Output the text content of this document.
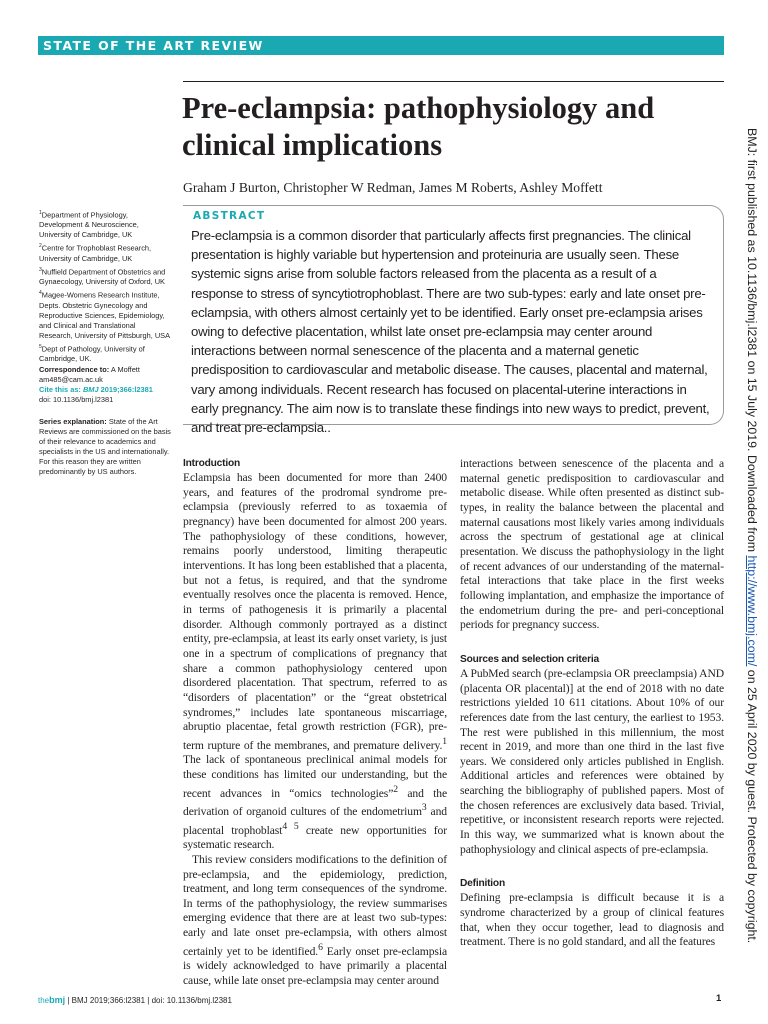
STATE OF THE ART REVIEW
Pre-eclampsia: pathophysiology and clinical implications
Graham J Burton, Christopher W Redman, James M Roberts, Ashley Moffett
$^1$Department of Physiology, Development & Neuroscience, University of Cambridge, UK
$^2$Centre for Trophoblast Research, University of Cambridge, UK
$^3$Nuffield Department of Obstetrics and Gynaecology, University of Oxford, UK
$^4$Magee-Womens Research Institute, Depts. Obstetric Gynecology and Reproductive Sciences, Epidemiology, and Clinical and Translational Research, University of Pittsburgh, USA
$^5$Dept of Pathology, University of Cambridge, UK.
Correspondence to: A Moffett
am485@cam.ac.uk
Cite this as: BMJ 2019;366:l2381
doi: 10.1136/bmj.l2381
Series explanation: State of the Art Reviews are commissioned on the basis of their relevance to academics and specialists in the US and internationally. For this reason they are written predominantly by US authors.
ABSTRACT
Pre-eclampsia is a common disorder that particularly affects first pregnancies. The clinical presentation is highly variable but hypertension and proteinuria are usually seen. These systemic signs arise from soluble factors released from the placenta as a result of a response to stress of syncytiotrophoblast. There are two sub-types: early and late onset pre-eclampsia, with others almost certainly yet to be identified. Early onset pre-eclampsia arises owing to defective placentation, whilst late onset pre-eclampsia may center around interactions between normal senescence of the placenta and a maternal genetic predisposition to cardiovascular and metabolic disease. The causes, placental and maternal, vary among individuals. Recent research has focused on placental-uterine interactions in early pregnancy. The aim now is to translate these findings into new ways to predict, prevent, and treat pre-eclampsia..
Introduction

Eclampsia has been documented for more than 2400 years, and features of the prodromal syndrome pre-eclampsia (previously referred to as toxaemia of pregnancy) have been documented for almost 200 years. The pathophysiology of these conditions, however, remains poorly understood, limiting therapeutic interventions. It has long been established that a placenta, but not a fetus, is required, and that the syndrome eventually resolves once the placenta is removed. Hence, in terms of pathogenesis it is primarily a placental disorder. Although commonly portrayed as a distinct entity, pre-eclampsia, at least its early onset variety, is just one in a spectrum of complications of pregnancy that share a common pathophysiology centered upon disordered placentation. That spectrum, referred to as “disorders of placentation” or the “great obstetrical syndromes,” includes late spontaneous miscarriage, abruptio placentae, fetal growth restriction (FGR), pre-term rupture of the membranes, and premature delivery.$^1$ The lack of spontaneous preclinical animal models for these conditions has limited our understanding, but the recent advances in “omics technologies”$^2$ and the derivation of organoid cultures of the endometrium$^3$ and placental trophoblast$^{4 5}$ create new opportunities for systematic research.

This review considers modifications to the definition of pre-eclampsia, and the epidemiology, prediction, treatment, and long term consequences of the syndrome. In terms of the pathophysiology, the review summarises emerging evidence that there are at least two sub-types: early and late onset pre-eclampsia, with others almost certainly yet to be identified.$^6$ Early onset pre-eclampsia is widely acknowledged to have primarily a placental cause, while late onset pre-eclampsia may center around

interactions between senescence of the placenta and a maternal genetic predisposition to cardiovascular and metabolic disease. While often presented as distinct sub-types, in reality the balance between the placental and maternal causations most likely varies among individuals across the spectrum of gestational age at clinical presentation. We discuss the pathophysiology in the light of recent advances of our understanding of the maternal-fetal interactions that take place in the first weeks following implantation, and emphasize the importance of the endometrium during the pre- and peri-conceptional periods for pregnancy success.

Sources and selection criteria

A PubMed search (pre-eclampsia OR preeclampsia) AND (placenta OR placental)] at the end of 2018 with no date restrictions yielded 10 611 citations. About 10% of our references date from the last century, the earliest to 1953. The rest were published in this millennium, the most recent in 2019, and more than one third in the last five years. We considered only articles published in English. Additional articles and references were obtained by searching the bibliography of published papers. Most of the chosen references are exclusively data based. Trivial, repetitive, or inconsistent research reports were rejected. In this way, we summarized what is known about the pathophysiology and clinical aspects of pre-eclampsia.

Definition

Defining pre-eclampsia is difficult because it is a syndrome characterized by a group of clinical features that, when they occur together, lead to diagnosis and treatment. There is no gold standard, and all the features

BMJ: first published as 10.1136/bmj.l2381 on 15 July 2019. Downloaded from http://www.bmj.com/ on 25 April 2020 by guest. Protected by copyright.
thebmj | BMJ 2019;366:l2381 | doi: 10.1136/bmj.l2381	1
